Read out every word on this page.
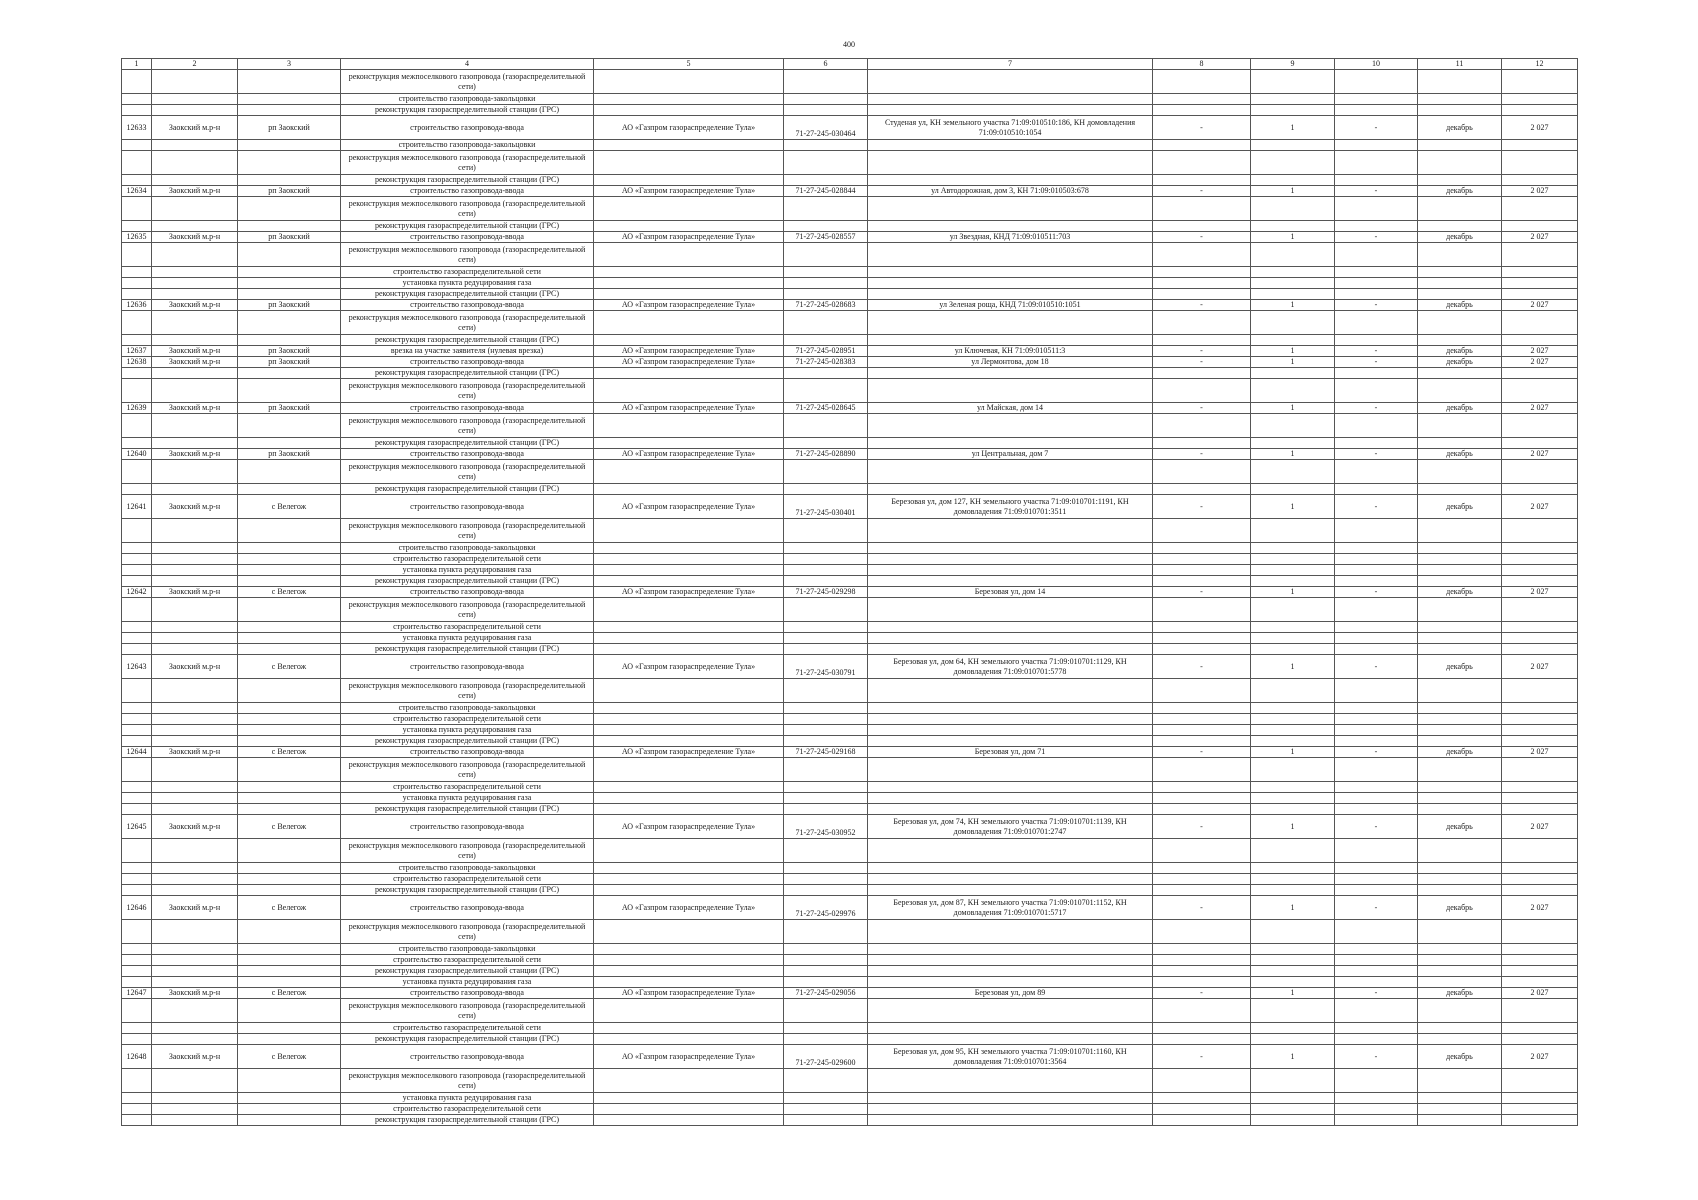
400
1	2	3	4	5	6	7	8	9	10	11	12
			реконструкция межпоселкового газопровода (газораспределительной сети)								
			строительство газопровода-закольцовки								
			реконструкция газораспределительной станции (ГРС)								
12633	Заокский м.р-н	рп Заокский	строительство газопровода-ввода	АО «Газпром газораспределение Тула»	71-27-245-030464	Студеная ул, КН земельного участка 71:09:010510:186, КН домовладения 71:09:010510:1054	-	1	-	декабрь	2 027
			строительство газопровода-закольцовки								
			реконструкция межпоселкового газопровода (газораспределительной сети)								
			реконструкция газораспределительной станции (ГРС)								
12634	Заокский м.р-н	рп Заокский	строительство газопровода-ввода	АО «Газпром газораспределение Тула»	71-27-245-028844	ул Автодорожная, дом 3, КН 71:09:010503:678	-	1	-	декабрь	2 027
			реконструкция межпоселкового газопровода (газораспределительной сети)								
			реконструкция газораспределительной станции (ГРС)								
12635	Заокский м.р-н	рп Заокский	строительство газопровода-ввода	АО «Газпром газораспределение Тула»	71-27-245-028557	ул Звездная, КНД 71:09:010511:703	-	1	-	декабрь	2 027
			реконструкция межпоселкового газопровода (газораспределительной сети)								
			строительство газораспределительной сети								
			установка пункта редуцирования газа								
			реконструкция газораспределительной станции (ГРС)								
12636	Заокский м.р-н	рп Заокский	строительство газопровода-ввода	АО «Газпром газораспределение Тула»	71-27-245-028683	ул Зеленая роща, КНД 71:09:010510:1051	-	1	-	декабрь	2 027
			реконструкция межпоселкового газопровода (газораспределительной сети)								
			реконструкция газораспределительной станции (ГРС)								
12637	Заокский м.р-н	рп Заокский	врезка на участке заявителя (нулевая врезка)	АО «Газпром газораспределение Тула»	71-27-245-028951	ул Ключевая, КН 71:09:010511:3	-	1	-	декабрь	2 027
12638	Заокский м.р-н	рп Заокский	строительство газопровода-ввода	АО «Газпром газораспределение Тула»	71-27-245-028383	ул Лермонтова, дом 18	-	1	-	декабрь	2 027
			реконструкция газораспределительной станции (ГРС)								
			реконструкция межпоселкового газопровода (газораспределительной сети)								
12639	Заокский м.р-н	рп Заокский	строительство газопровода-ввода	АО «Газпром газораспределение Тула»	71-27-245-028645	ул Майская, дом 14	-	1	-	декабрь	2 027
			реконструкция межпоселкового газопровода (газораспределительной сети)								
			реконструкция газораспределительной станции (ГРС)								
12640	Заокский м.р-н	рп Заокский	строительство газопровода-ввода	АО «Газпром газораспределение Тула»	71-27-245-028890	ул Центральная, дом 7	-	1	-	декабрь	2 027
			реконструкция межпоселкового газопровода (газораспределительной сети)								
			реконструкция газораспределительной станции (ГРС)								
12641	Заокский м.р-н	с Велегож	строительство газопровода-ввода	АО «Газпром газораспределение Тула»	71-27-245-030401	Березовая ул, дом 127, КН земельного участка 71:09:010701:1191, КН домовладения 71:09:010701:3511	-	1	-	декабрь	2 027
			реконструкция межпоселкового газопровода (газораспределительной сети)								
			строительство газопровода-закольцовки								
			строительство газораспределительной сети								
			установка пункта редуцирования газа								
			реконструкция газораспределительной станции (ГРС)								
12642	Заокский м.р-н	с Велегож	строительство газопровода-ввода	АО «Газпром газораспределение Тула»	71-27-245-029298	Березовая ул, дом 14	-	1	-	декабрь	2 027
			реконструкция межпоселкового газопровода (газораспределительной сети)								
			строительство газораспределительной сети								
			установка пункта редуцирования газа								
			реконструкция газораспределительной станции (ГРС)								
12643	Заокский м.р-н	с Велегож	строительство газопровода-ввода	АО «Газпром газораспределение Тула»	71-27-245-030791	Березовая ул, дом 64, КН земельного участка 71:09:010701:1129, КН домовладения 71:09:010701:5778	-	1	-	декабрь	2 027
			реконструкция межпоселкового газопровода (газораспределительной сети)								
			строительство газопровода-закольцовки								
			строительство газораспределительной сети								
			установка пункта редуцирования газа								
			реконструкция газораспределительной станции (ГРС)								
12644	Заокский м.р-н	с Велегож	строительство газопровода-ввода	АО «Газпром газораспределение Тула»	71-27-245-029168	Березовая ул, дом 71	-	1	-	декабрь	2 027
			реконструкция межпоселкового газопровода (газораспределительной сети)								
			строительство газораспределительной сети								
			установка пункта редуцирования газа								
			реконструкция газораспределительной станции (ГРС)								
12645	Заокский м.р-н	с Велегож	строительство газопровода-ввода	АО «Газпром газораспределение Тула»	71-27-245-030952	Березовая ул, дом 74, КН земельного участка 71:09:010701:1139, КН домовладения 71:09:010701:2747	-	1	-	декабрь	2 027
			реконструкция межпоселкового газопровода (газораспределительной сети)								
			строительство газопровода-закольцовки								
			строительство газораспределительной сети								
			реконструкция газораспределительной станции (ГРС)								
12646	Заокский м.р-н	с Велегож	строительство газопровода-ввода	АО «Газпром газораспределение Тула»	71-27-245-029976	Березовая ул, дом 87, КН земельного участка 71:09:010701:1152, КН домовладения 71:09:010701:5717	-	1	-	декабрь	2 027
			реконструкция межпоселкового газопровода (газораспределительной сети)								
			строительство газопровода-закольцовки								
			строительство газораспределительной сети								
			реконструкция газораспределительной станции (ГРС)								
			установка пункта редуцирования газа								
12647	Заокский м.р-н	с Велегож	строительство газопровода-ввода	АО «Газпром газораспределение Тула»	71-27-245-029056	Березовая ул, дом 89	-	1	-	декабрь	2 027
			реконструкция межпоселкового газопровода (газораспределительной сети)								
			строительство газораспределительной сети								
			реконструкция газораспределительной станции (ГРС)								
12648	Заокский м.р-н	с Велегож	строительство газопровода-ввода	АО «Газпром газораспределение Тула»	71-27-245-029600	Березовая ул, дом 95, КН земельного участка 71:09:010701:1160, КН домовладения 71:09:010701:3564	-	1	-	декабрь	2 027
			реконструкция межпоселкового газопровода (газораспределительной сети)								
			установка пункта редуцирования газа								
			строительство газораспределительной сети								
			реконструкция газораспределительной станции (ГРС)								
